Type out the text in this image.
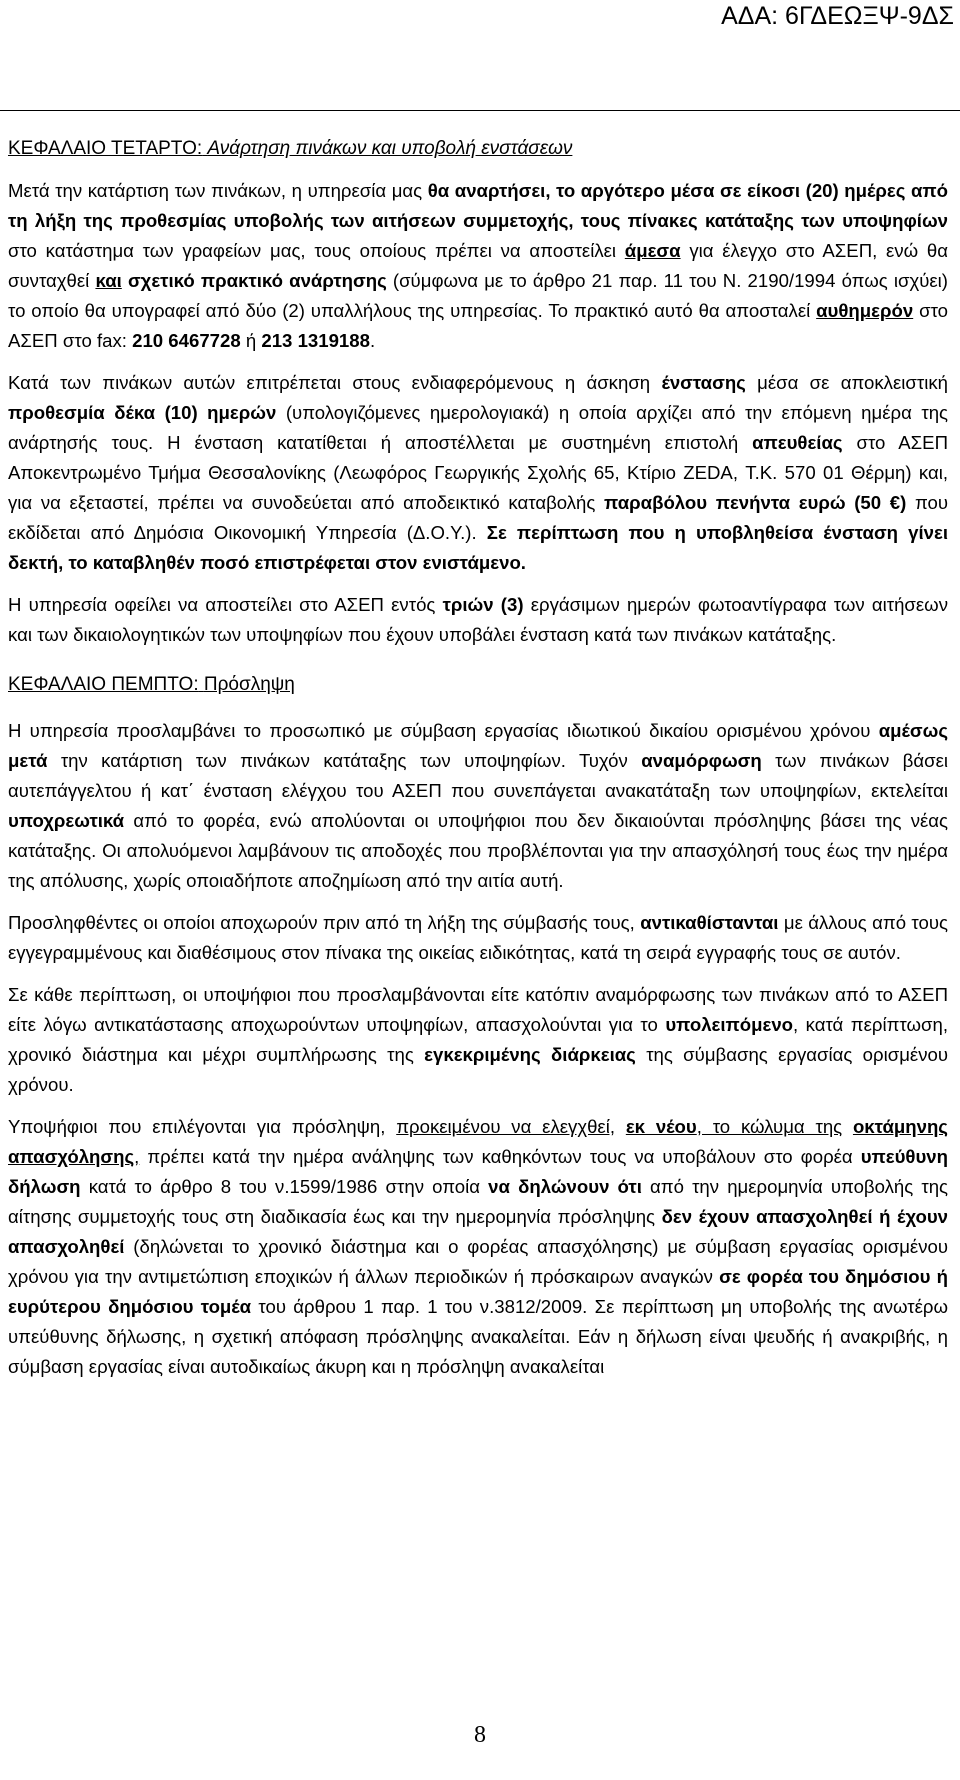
ΑΔΑ: 6ΓΔΕΩΞΨ-9ΔΣ

ΚΕΦΑΛΑΙΟ ΤΕΤΑΡΤΟ: Ανάρτηση πινάκων και υποβολή ενστάσεων

Μετά την κατάρτιση των πινάκων, η υπηρεσία μας θα αναρτήσει, το αργότερο μέσα σε είκοσι (20) ημέρες από τη λήξη της προθεσμίας υποβολής των αιτήσεων συμμετοχής, τους πίνακες κατάταξης των υποψηφίων στο κατάστημα των γραφείων μας, τους οποίους πρέπει να αποστείλει άμεσα για έλεγχο στο ΑΣΕΠ, ενώ θα συνταχθεί και σχετικό πρακτικό ανάρτησης (σύμφωνα με το άρθρο 21 παρ. 11 του Ν. 2190/1994 όπως ισχύει) το οποίο θα υπογραφεί από δύο (2) υπαλλήλους της υπηρεσίας. Το πρακτικό αυτό θα αποσταλεί αυθημερόν στο ΑΣΕΠ στο fax: 210 6467728 ή 213 1319188.

Κατά των πινάκων αυτών επιτρέπεται στους ενδιαφερόμενους η άσκηση ένστασης μέσα σε αποκλειστική προθεσμία δέκα (10) ημερών (υπολογιζόμενες ημερολογιακά) η οποία αρχίζει από την επόμενη ημέρα της ανάρτησής τους. Η ένσταση κατατίθεται ή αποστέλλεται με συστημένη επιστολή απευθείας στο ΑΣΕΠ Αποκεντρωμένο Τμήμα Θεσσαλονίκης (Λεωφόρος Γεωργικής Σχολής 65, Κτίριο ZEDA, Τ.Κ. 570 01 Θέρμη) και, για να εξεταστεί, πρέπει να συνοδεύεται από αποδεικτικό καταβολής παραβόλου πενήντα ευρώ (50 €) που εκδίδεται από Δημόσια Οικονομική Υπηρεσία (Δ.Ο.Υ.). Σε περίπτωση που η υποβληθείσα ένσταση γίνει δεκτή, το καταβληθέν ποσό επιστρέφεται στον ενιστάμενο.

Η υπηρεσία οφείλει να αποστείλει στο ΑΣΕΠ εντός τριών (3) εργάσιμων ημερών φωτοαντίγραφα των αιτήσεων και των δικαιολογητικών των υποψηφίων που έχουν υποβάλει ένσταση κατά των πινάκων κατάταξης.

ΚΕΦΑΛΑΙΟ ΠΕΜΠΤΟ: Πρόσληψη

Η υπηρεσία προσλαμβάνει το προσωπικό με σύμβαση εργασίας ιδιωτικού δικαίου ορισμένου χρόνου αμέσως μετά την κατάρτιση των πινάκων κατάταξης των υποψηφίων. Τυχόν αναμόρφωση των πινάκων βάσει αυτεπάγγελτου ή κατ΄ ένσταση ελέγχου του ΑΣΕΠ που συνεπάγεται ανακατάταξη των υποψηφίων, εκτελείται υποχρεωτικά από το φορέα, ενώ απολύονται οι υποψήφιοι που δεν δικαιούνται πρόσληψης βάσει της νέας κατάταξης. Οι απολυόμενοι λαμβάνουν τις αποδοχές που προβλέπονται για την απασχόλησή τους έως την ημέρα της απόλυσης, χωρίς οποιαδήποτε αποζημίωση από την αιτία αυτή.

Προσληφθέντες οι οποίοι αποχωρούν πριν από τη λήξη της σύμβασής τους, αντικαθίστανται με άλλους από τους εγγεγραμμένους και διαθέσιμους στον πίνακα της οικείας ειδικότητας, κατά τη σειρά εγγραφής τους σε αυτόν.

Σε κάθε περίπτωση, οι υποψήφιοι που προσλαμβάνονται είτε κατόπιν αναμόρφωσης των πινάκων από το ΑΣΕΠ είτε λόγω αντικατάστασης αποχωρούντων υποψηφίων, απασχολούνται για το υπολειπόμενο, κατά περίπτωση, χρονικό διάστημα και μέχρι συμπλήρωσης της εγκεκριμένης διάρκειας της σύμβασης εργασίας ορισμένου χρόνου.

Υποψήφιοι που επιλέγονται για πρόσληψη, προκειμένου να ελεγχθεί, εκ νέου, το κώλυμα της οκτάμηνης απασχόλησης, πρέπει κατά την ημέρα ανάληψης των καθηκόντων τους να υποβάλουν στο φορέα υπεύθυνη δήλωση κατά το άρθρο 8 του ν.1599/1986 στην οποία να δηλώνουν ότι από την ημερομηνία υποβολής της αίτησης συμμετοχής τους στη διαδικασία έως και την ημερομηνία πρόσληψης δεν έχουν απασχοληθεί ή έχουν απασχοληθεί (δηλώνεται το χρονικό διάστημα και ο φορέας απασχόλησης) με σύμβαση εργασίας ορισμένου χρόνου για την αντιμετώπιση εποχικών ή άλλων περιοδικών ή πρόσκαιρων αναγκών σε φορέα του δημόσιου ή ευρύτερου δημόσιου τομέα του άρθρου 1 παρ. 1 του ν.3812/2009. Σε περίπτωση μη υποβολής της ανωτέρω υπεύθυνης δήλωσης, η σχετική απόφαση πρόσληψης ανακαλείται. Εάν η δήλωση είναι ψευδής ή ανακριβής, η σύμβαση εργασίας είναι αυτοδικαίως άκυρη και η πρόσληψη ανακαλείται

8
